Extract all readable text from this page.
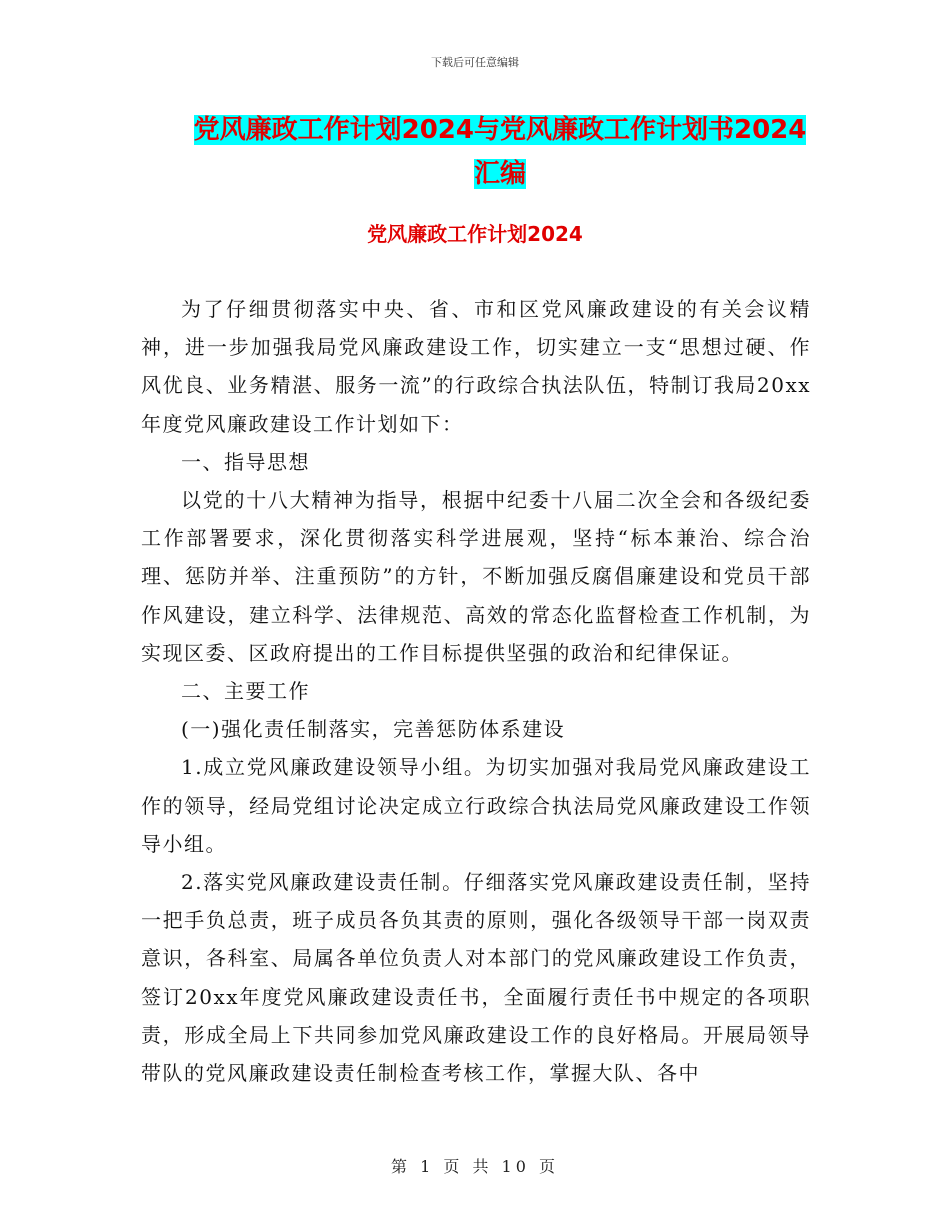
下载后可任意编辑
党风廉政工作计划2024与党风廉政工作计划书2024
汇编
党风廉政工作计划2024

为了仔细贯彻落实中央、省、市和区党风廉政建设的有关会议精神，进一步加强我局党风廉政建设工作，切实建立一支“思想过硬、作风优良、业务精湛、服务一流”的行政综合执法队伍，特制订我局20xx年度党风廉政建设工作计划如下：

一、指导思想

以党的十八大精神为指导，根据中纪委十八届二次全会和各级纪委工作部署要求，深化贯彻落实科学进展观，坚持“标本兼治、综合治理、惩防并举、注重预防”的方针，不断加强反腐倡廉建设和党员干部作风建设，建立科学、法律规范、高效的常态化监督检查工作机制，为实现区委、区政府提出的工作目标提供坚强的政治和纪律保证。

二、主要工作

(一)强化责任制落实，完善惩防体系建设

1.成立党风廉政建设领导小组。为切实加强对我局党风廉政建设工作的领导，经局党组讨论决定成立行政综合执法局党风廉政建设工作领导小组。

2.落实党风廉政建设责任制。仔细落实党风廉政建设责任制，坚持一把手负总责，班子成员各负其责的原则，强化各级领导干部一岗双责意识，各科室、局属各单位负责人对本部门的党风廉政建设工作负责，签订20xx年度党风廉政建设责任书，全面履行责任书中规定的各项职责，形成全局上下共同参加党风廉政建设工作的良好格局。开展局领导带队的党风廉政建设责任制检查考核工作，掌握大队、各中

第 1 页 共 10 页
